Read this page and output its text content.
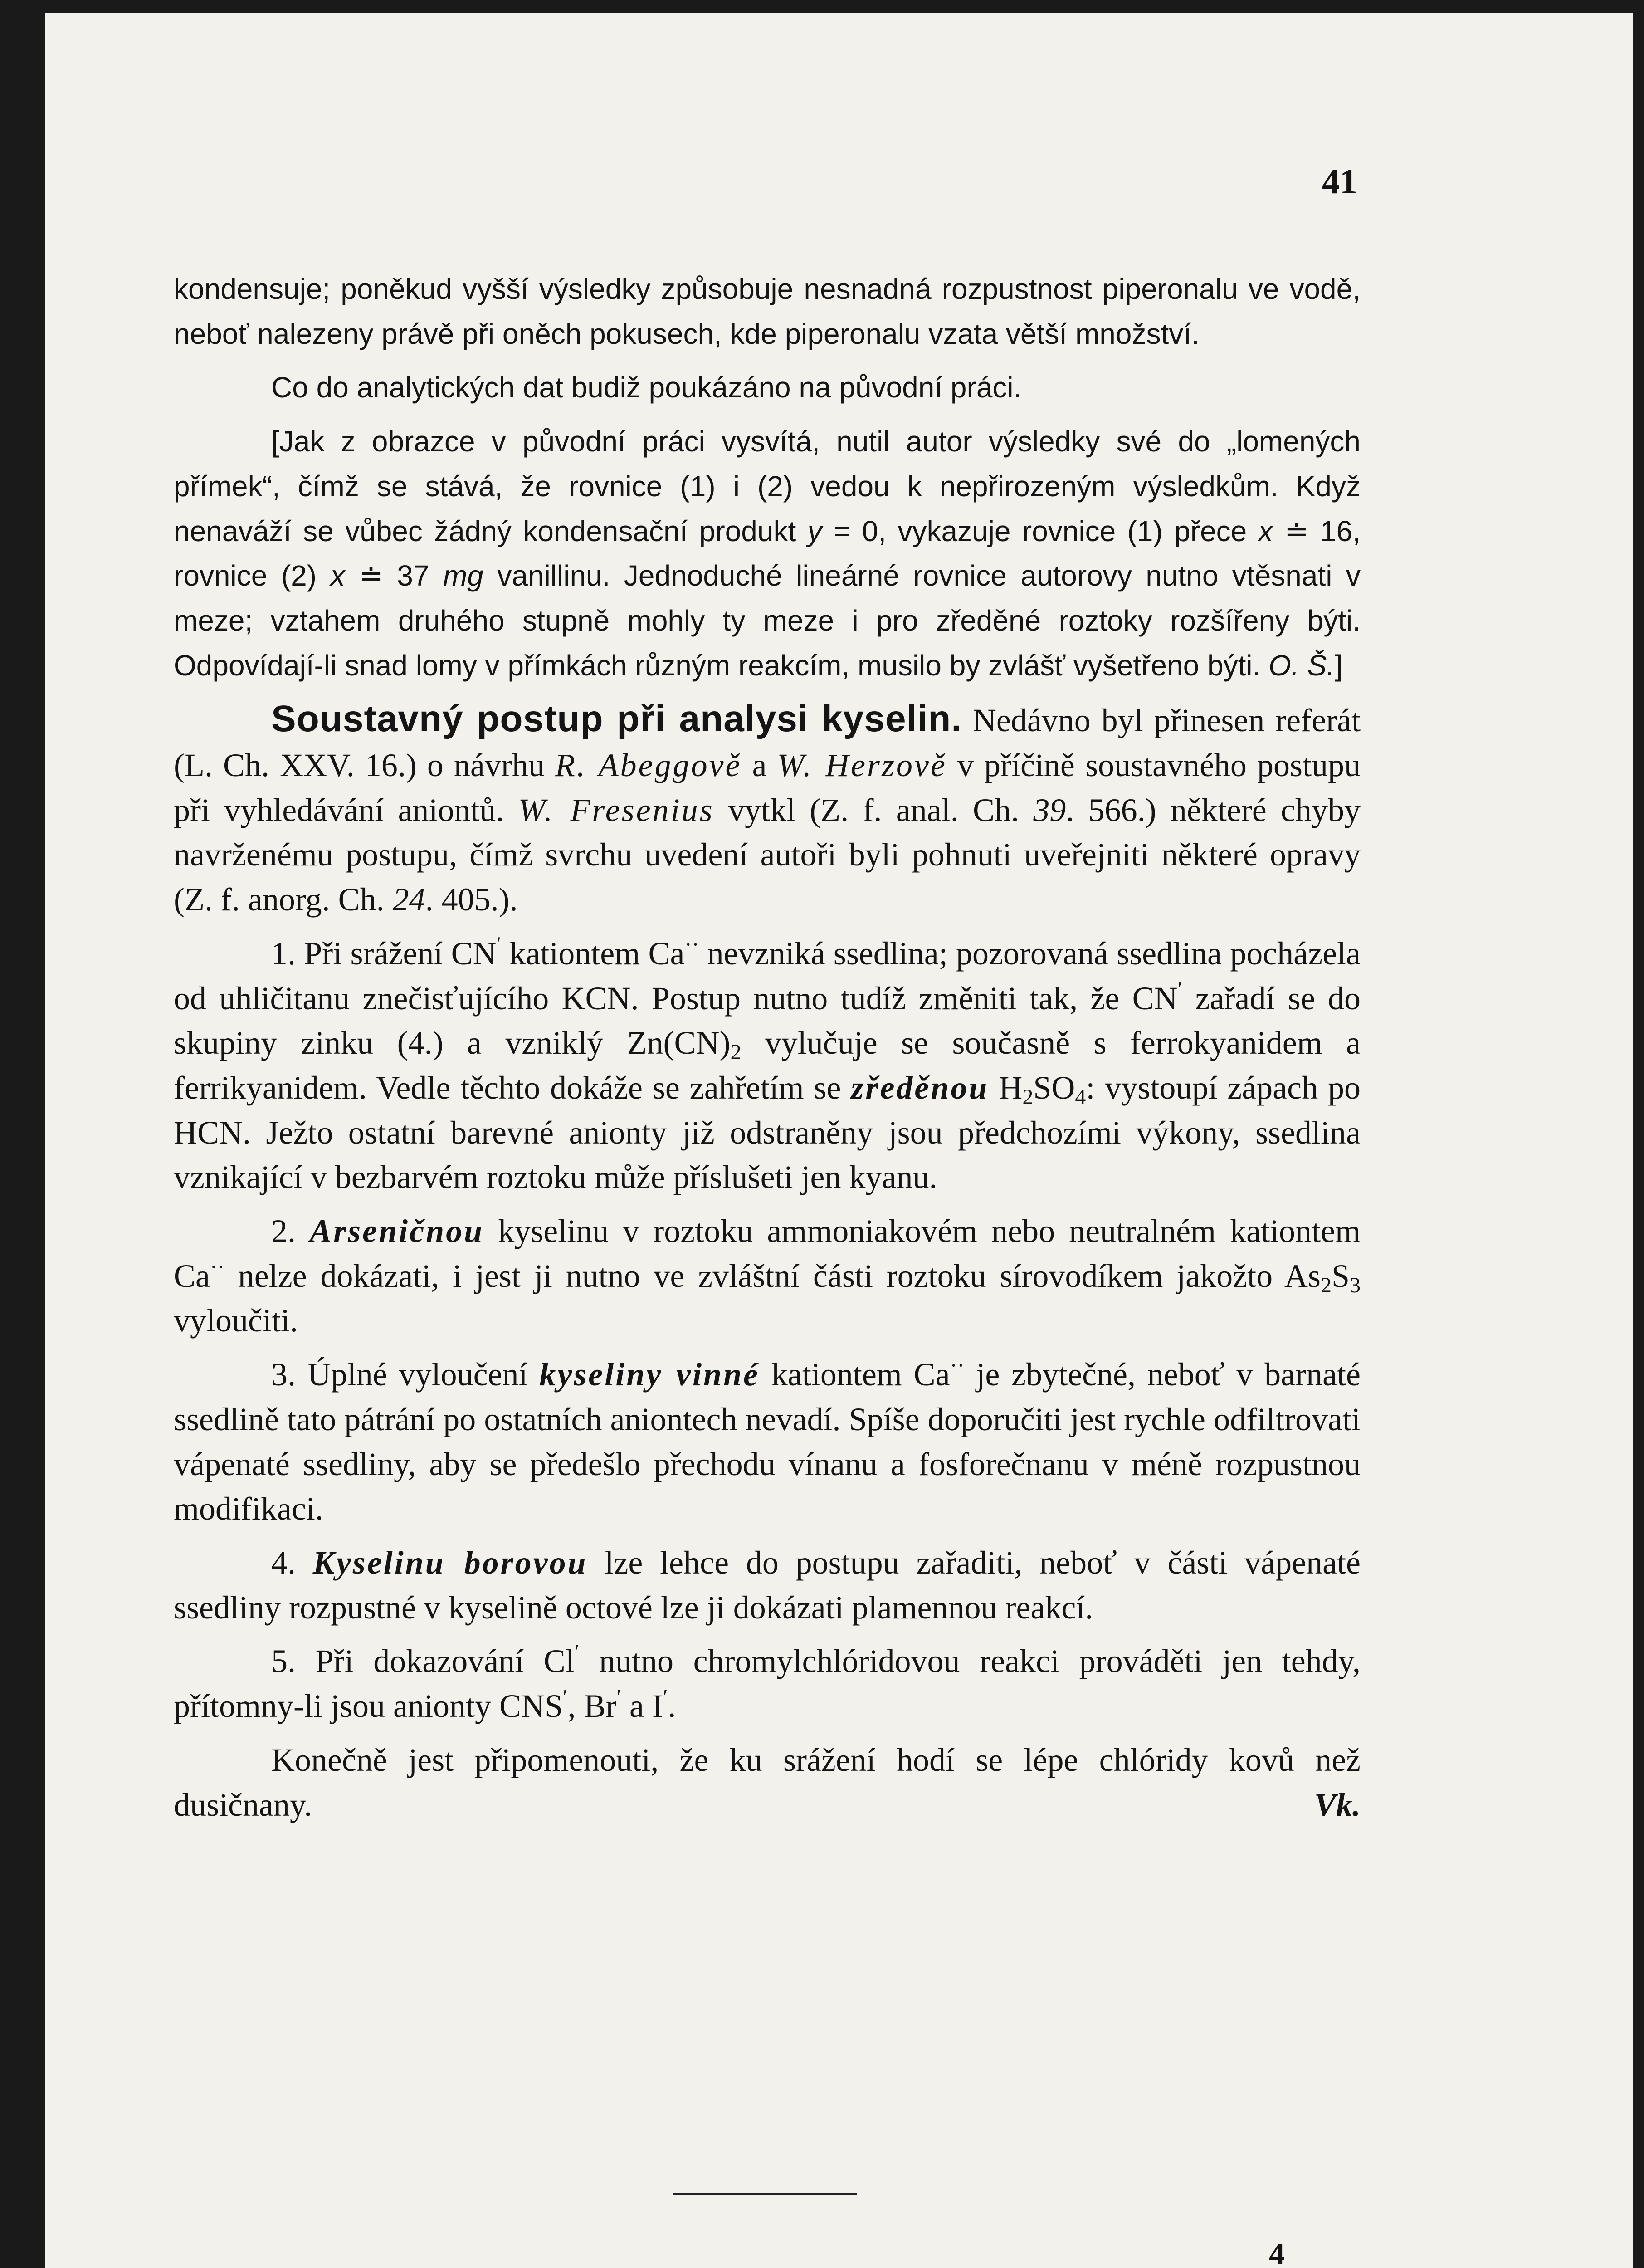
41

kondensuje; poněkud vyšší výsledky způsobuje nesnadná rozpustnost piperonalu ve vodě, neboť nalezeny právě při oněch pokusech, kde piperonalu vzata větší množství.

Co do analytických dat budiž poukázáno na původní práci.

[Jak z obrazce v původní práci vysvítá, nutil autor výsledky své do „lomených přímek“, čímž se stává, že rovnice (1) i (2) vedou k nepřirozeným výsledkům. Když nenaváží se vůbec žádný kondensační produkt y = 0, vykazuje rovnice (1) přece x ≐ 16, rovnice (2) x ≐ 37 mg vanillinu. Jednoduché lineárné rovnice autorovy nutno vtěsnati v meze; vztahem druhého stupně mohly ty meze i pro zředěné roztoky rozšířeny býti. Odpovídají-li snad lomy v přímkách různým reakcím, musilo by zvlášť vyšetřeno býti. O. Š.]

Soustavný postup při analysi kyselin. Nedávno byl přinesen referát (L. Ch. XXV. 16.) o návrhu R. Abeggově a W. Herzově v příčině soustavného postupu při vyhledávání aniontů. W. Fresenius vytkl (Z. f. anal. Ch. 39. 566.) některé chyby navrženému postupu, čímž svrchu uvedení autoři byli pohnuti uveřejniti některé opravy (Z. f. anorg. Ch. 24. 405.).

1. Při srážení CN′ kationtem Ca·· nevzniká ssedlina; pozorovaná ssedlina pocházela od uhličitanu znečisťujícího KCN. Postup nutno tudíž změniti tak, že CN′ zařadí se do skupiny zinku (4.) a vzniklý $Zn(CN)_2$ vylučuje se současně s ferrokyanidem a ferrikyanidem. Vedle těchto dokáže se zahřetím se zředěnou $H_2SO_4$: vystoupí zápach po HCN. Ježto ostatní barevné anionty již odstraněny jsou předchozími výkony, ssedlina vznikající v bezbarvém roztoku může příslušeti jen kyanu.

2. Arseničnou kyselinu v roztoku ammoniakovém nebo neutralném kationtem Ca·· nelze dokázati, i jest ji nutno ve zvláštní části roztoku sírovodíkem jakožto $As_2S_3$ vyloučiti.

3. Úplné vyloučení kyseliny vinné kationtem Ca·· je zbytečné, neboť v barnaté ssedlině tato pátrání po ostatních aniontech nevadí. Spíše doporučiti jest rychle odfiltrovati vápenaté ssedliny, aby se předešlo přechodu vínanu a fosforečnanu v méně rozpustnou modifikaci.

4. Kyselinu borovou lze lehce do postupu zařaditi, neboť v části vápenaté ssedliny rozpustné v kyselině octové lze ji dokázati plamennou reakcí.

5. Při dokazování Cl′ nutno chromylchlóridovou reakci prováděti jen tehdy, přítomny-li jsou anionty CNS′, Br′ a I′.

Konečně jest připomenouti, že ku srážení hodí se lépe chlóridy kovů než dusičnany.	Vk.

4
